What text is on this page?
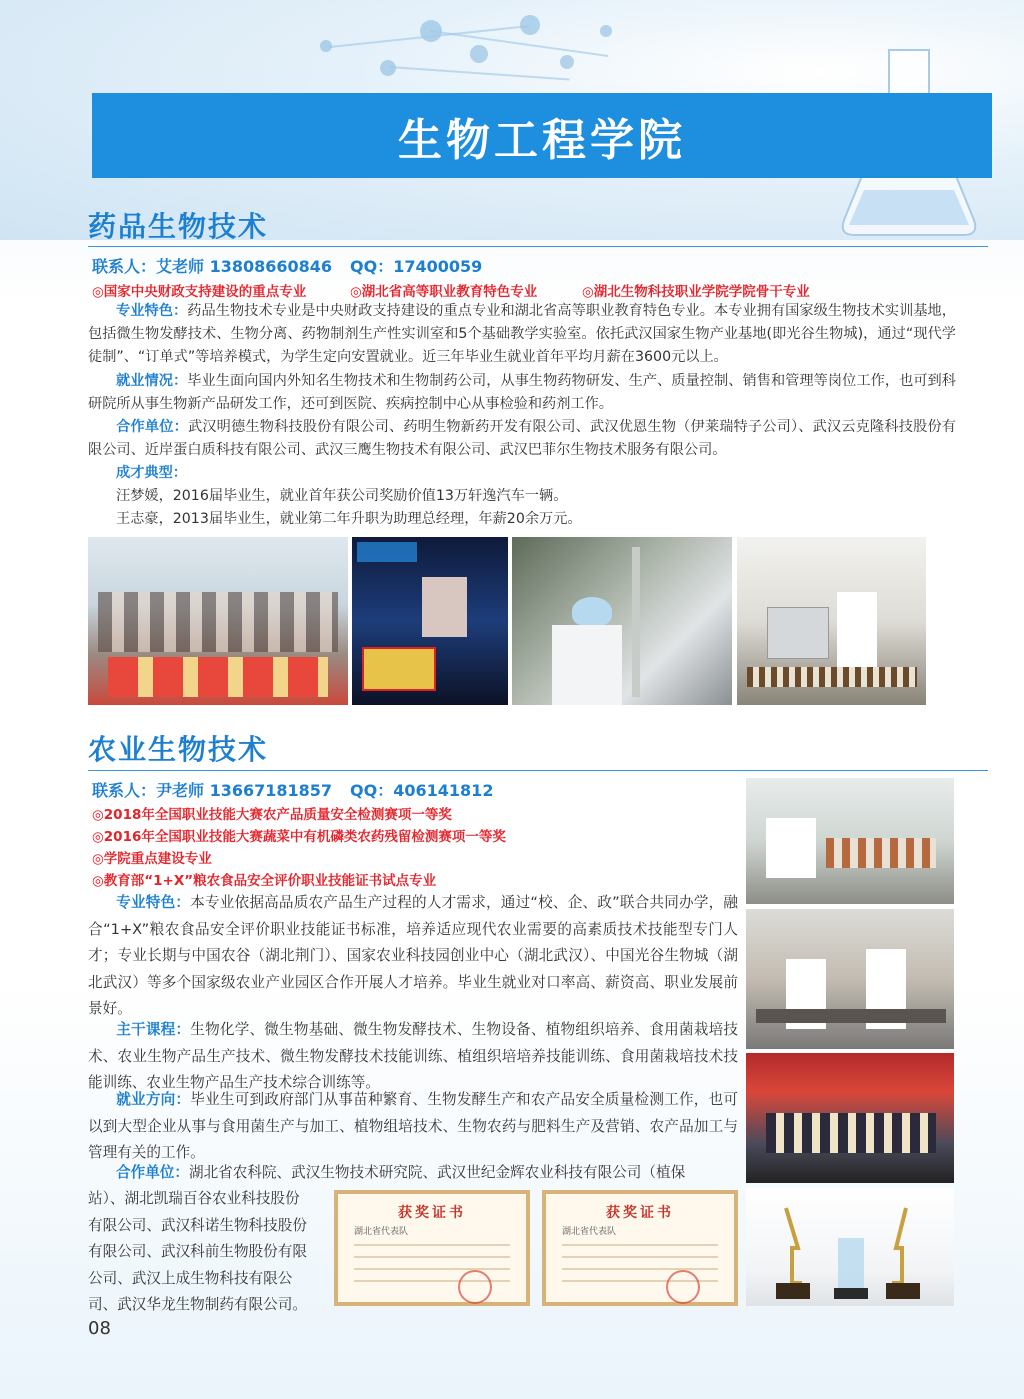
生物工程学院
药品生物技术
联系人：艾老师 13808660846 QQ：17400059
◎国家中央财政支持建设的重点专业	◎湖北省高等职业教育特色专业	◎湖北生物科技职业学院学院骨干专业
专业特色：药品生物技术专业是中央财政支持建设的重点专业和湖北省高等职业教育特色专业。本专业拥有国家级生物技术实训基地，包括微生物发酵技术、生物分离、药物制剂生产性实训室和5个基础教学实验室。依托武汉国家生物产业基地(即光谷生物城)，通过“现代学徒制”、“订单式”等培养模式，为学生定向安置就业。近三年毕业生就业首年平均月薪在3600元以上。
就业情况：毕业生面向国内外知名生物技术和生物制药公司，从事生物药物研发、生产、质量控制、销售和管理等岗位工作，也可到科研院所从事生物新产品研发工作，还可到医院、疾病控制中心从事检验和药剂工作。
合作单位：武汉明德生物科技股份有限公司、药明生物新药开发有限公司、武汉优恩生物（伊莱瑞特子公司）、武汉云克隆科技股份有限公司、近岸蛋白质科技有限公司、武汉三鹰生物技术有限公司、武汉巴菲尔生物技术服务有限公司。
成才典型：
汪梦媛，2016届毕业生，就业首年获公司奖励价值13万轩逸汽车一辆。
王志豪，2013届毕业生，就业第二年升职为助理总经理，年薪20余万元。
农业生物技术
联系人：尹老师 13667181857 QQ：406141812
◎2018年全国职业技能大赛农产品质量安全检测赛项一等奖
◎2016年全国职业技能大赛蔬菜中有机磷类农药残留检测赛项一等奖
◎学院重点建设专业
◎教育部“1+X”粮农食品安全评价职业技能证书试点专业
专业特色：本专业依据高品质农产品生产过程的人才需求，通过“校、企、政”联合共同办学，融合“1+X”粮农食品安全评价职业技能证书标准，培养适应现代农业需要的高素质技术技能型专门人才；专业长期与中国农谷（湖北荆门）、国家农业科技园创业中心（湖北武汉）、中国光谷生物城（湖北武汉）等多个国家级农业产业园区合作开展人才培养。毕业生就业对口率高、薪资高、职业发展前景好。
主干课程：生物化学、微生物基础、微生物发酵技术、生物设备、植物组织培养、食用菌栽培技术、农业生物产品生产技术、微生物发酵技术技能训练、植组织培培养技能训练、食用菌栽培技术技能训练、农业生物产品生产技术综合训练等。
就业方向：毕业生可到政府部门从事苗种繁育、生物发酵生产和农产品安全质量检测工作，也可以到大型企业从事与食用菌生产与加工、植物组培技术、生物农药与肥料生产及营销、农产品加工与管理有关的工作。
合作单位：湖北省农科院、武汉生物技术研究院、武汉世纪金辉农业科技有限公司（植保
站）、湖北凯瑞百谷农业科技股份
有限公司、武汉科诺生物科技股份
有限公司、武汉科前生物股份有限
公司、武汉上成生物科技有限公
司、武汉华龙生物制药有限公司。
获奖证书
湖北省代表队
获奖证书
湖北省代表队
08
